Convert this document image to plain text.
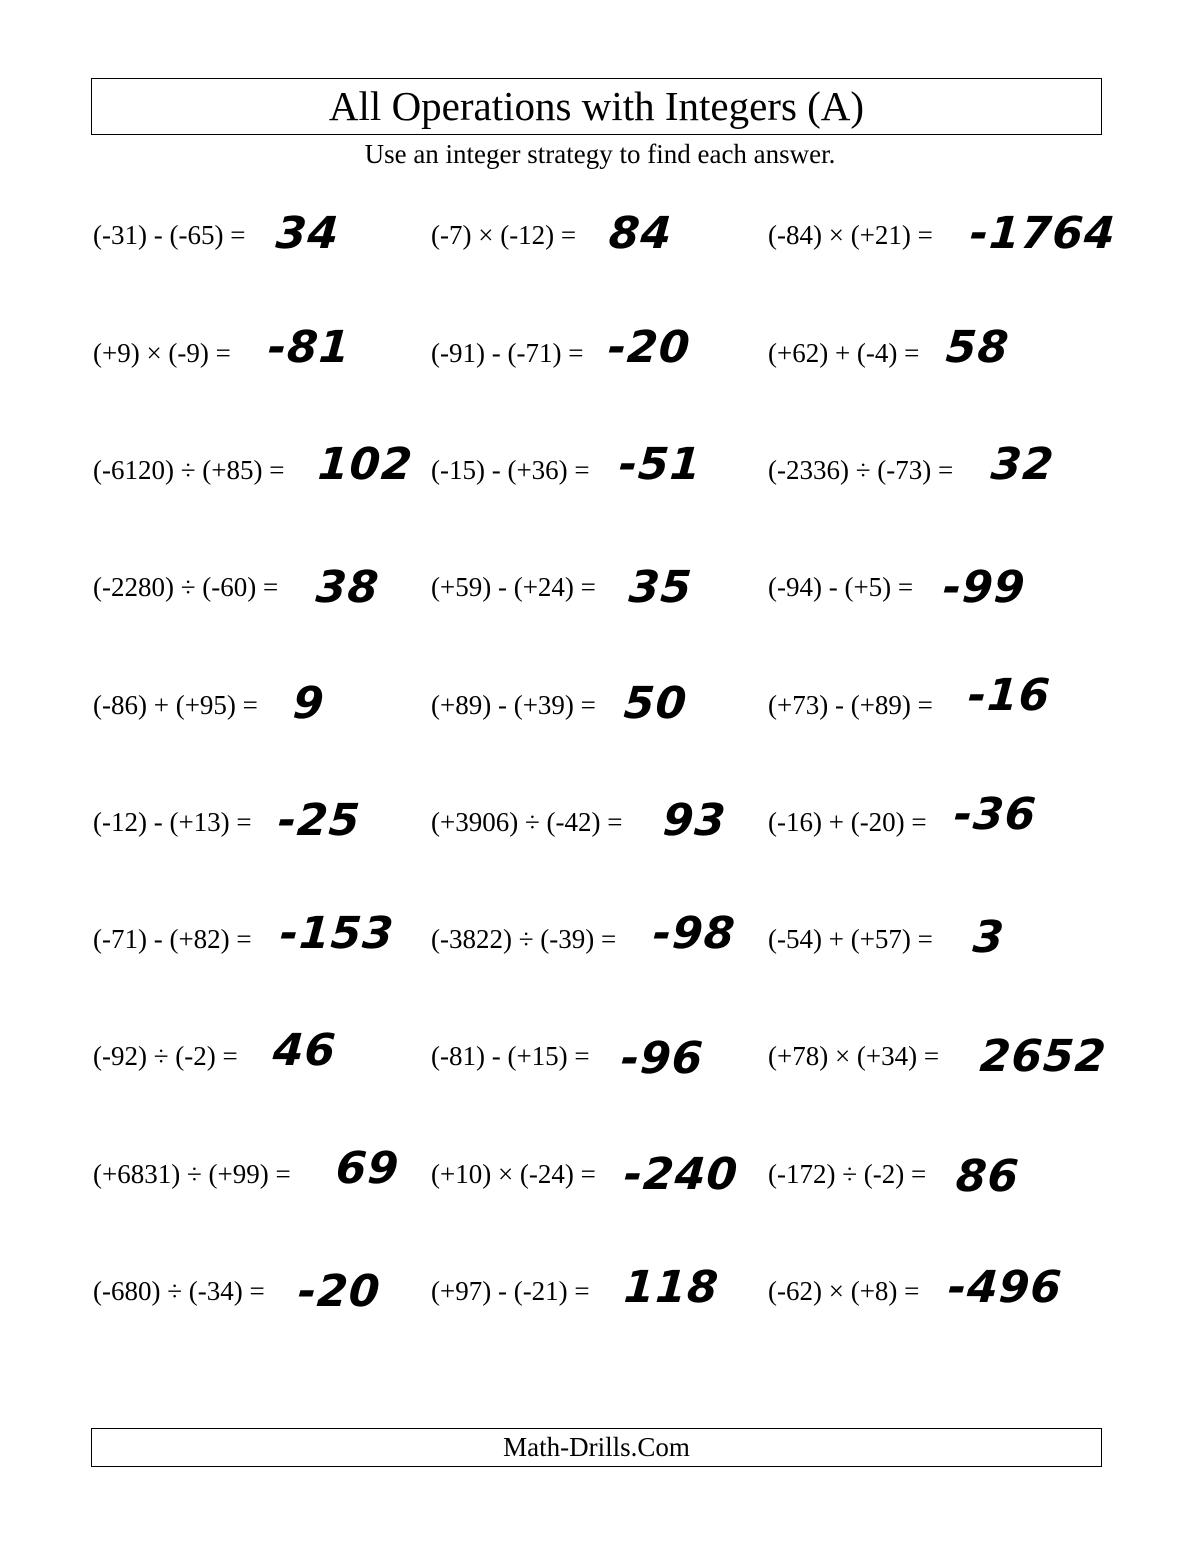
All Operations with Integers (A)
Use an integer strategy to find each answer.
(-31) - (-65) = 34	(-7) × (-12) = 84	(-84) × (+21) = -1764
(+9) × (-9) = -81	(-91) - (-71) = -20	(+62) + (-4) = 58
(-6120) ÷ (+85) = 102 (-15) - (+36) = -51 (-2336) ÷ (-73) = 32
(-2280) ÷ (-60) = 38 (+59) - (+24) = 35	(-94) - (+5) = -99
(-86) + (+95) = 9	(+89) - (+39) = 50	(+73) - (+89) = -16
(-12) - (+13) = -25	(+3906) ÷ (-42) = 93 (-16) + (-20) = -36
(-71) - (+82) = -153 (-3822) ÷ (-39) = -98 (-54) + (+57) = 3
(-92) ÷ (-2) = 46	(-81) - (+15) = -96 (+78) × (+34) = 2652
(+6831) ÷ (+99) = 69 (+10) × (-24) = -240 (-172) ÷ (-2) = 86
(-680) ÷ (-34) = -20 (+97) - (-21) = 118 (-62) × (+8) = -496
Math-Drills.Com
